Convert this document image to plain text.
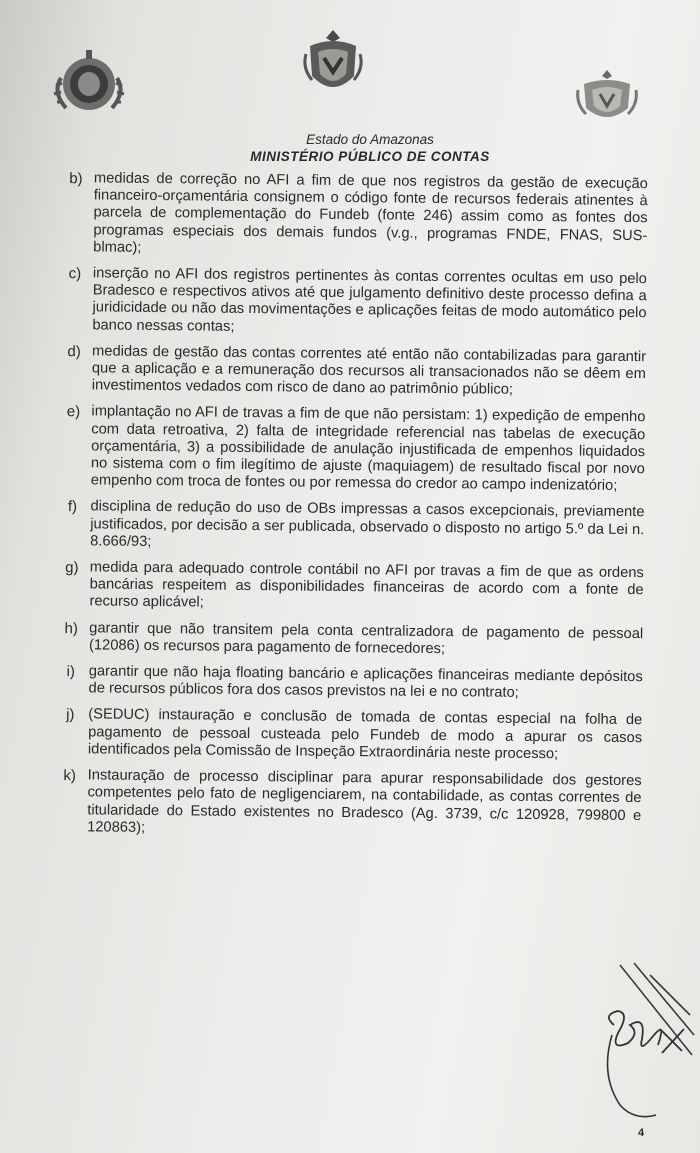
Estado do Amazonas
MINISTÉRIO PÚBLICO DE CONTAS
b) medidas de correção no AFI a fim de que nos registros da gestão de execução financeiro-orçamentária consignem o código fonte de recursos federais atinentes à parcela de complementação do Fundeb (fonte 246) assim como as fontes dos programas especiais dos demais fundos (v.g., programas FNDE, FNAS, SUS-blmac);
c) inserção no AFI dos registros pertinentes às contas correntes ocultas em uso pelo Bradesco e respectivos ativos até que julgamento definitivo deste processo defina a juridicidade ou não das movimentações e aplicações feitas de modo automático pelo banco nessas contas;
d) medidas de gestão das contas correntes até então não contabilizadas para garantir que a aplicação e a remuneração dos recursos ali transacionados não se dêem em investimentos vedados com risco de dano ao patrimônio público;
e) implantação no AFI de travas a fim de que não persistam: 1) expedição de empenho com data retroativa, 2) falta de integridade referencial nas tabelas de execução orçamentária, 3) a possibilidade de anulação injustificada de empenhos liquidados no sistema com o fim ilegítimo de ajuste (maquiagem) de resultado fiscal por novo empenho com troca de fontes ou por remessa do credor ao campo indenizatório;
f) disciplina de redução do uso de OBs impressas a casos excepcionais, previamente justificados, por decisão a ser publicada, observado o disposto no artigo 5.º da Lei n. 8.666/93;
g) medida para adequado controle contábil no AFI por travas a fim de que as ordens bancárias respeitem as disponibilidades financeiras de acordo com a fonte de recurso aplicável;
h) garantir que não transitem pela conta centralizadora de pagamento de pessoal (12086) os recursos para pagamento de fornecedores;
i) garantir que não haja floating bancário e aplicações financeiras mediante depósitos de recursos públicos fora dos casos previstos na lei e no contrato;
j) (SEDUC) instauração e conclusão de tomada de contas especial na folha de pagamento de pessoal custeada pelo Fundeb de modo a apurar os casos identificados pela Comissão de Inspeção Extraordinária neste processo;
k) Instauração de processo disciplinar para apurar responsabilidade dos gestores competentes pelo fato de negligenciarem, na contabilidade, as contas correntes de titularidade do Estado existentes no Bradesco (Ag. 3739, c/c 120928, 799800 e 120863);
4
